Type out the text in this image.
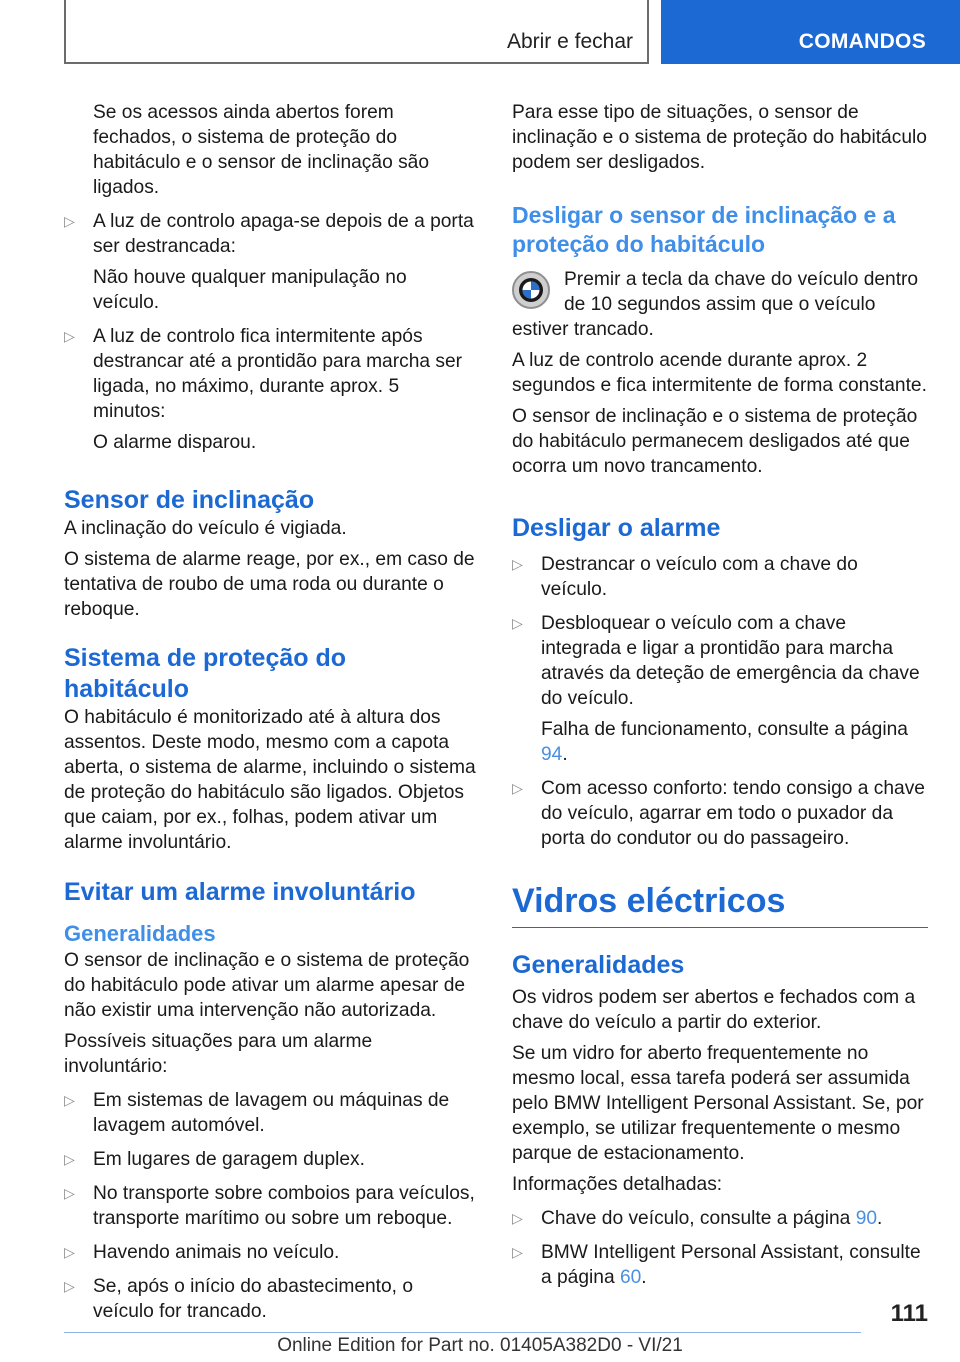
Abrir e fechar	COMANDOS

Se os acessos ainda abertos forem fechados, o sistema de proteção do habitáculo e o sensor de inclinação são ligados.

▷ A luz de controlo apaga-se depois de a porta ser destrancada:

Não houve qualquer manipulação no veículo.

▷ A luz de controlo fica intermitente após destrancar até a prontidão para marcha ser ligada, no máximo, durante aprox. 5 minutos:

O alarme disparou.

Sensor de inclinação

A inclinação do veículo é vigiada.

O sistema de alarme reage, por ex., em caso de tentativa de roubo de uma roda ou durante o reboque.

Sistema de proteção do habitáculo

O habitáculo é monitorizado até à altura dos assentos. Deste modo, mesmo com a capota aberta, o sistema de alarme, incluindo o sistema de proteção do habitáculo são ligados. Objetos que caiam, por ex., folhas, podem ativar um alarme involuntário.

Evitar um alarme involuntário
Generalidades

O sensor de inclinação e o sistema de proteção do habitáculo pode ativar um alarme apesar de não existir uma intervenção não autorizada.

Possíveis situações para um alarme involuntário:

▷ Em sistemas de lavagem ou máquinas de lavagem automóvel.
▷ Em lugares de garagem duplex.
▷ No transporte sobre comboios para veículos, transporte marítimo ou sobre um reboque.
▷ Havendo animais no veículo.
▷ Se, após o início do abastecimento, o veículo for trancado.

Para esse tipo de situações, o sensor de inclinação e o sistema de proteção do habitáculo podem ser desligados.

Desligar o sensor de inclinação e a proteção do habitáculo

Premir a tecla da chave do veículo dentro de 10 segundos assim que o veículo estiver trancado.

A luz de controlo acende durante aprox. 2 segundos e fica intermitente de forma constante.

O sensor de inclinação e o sistema de proteção do habitáculo permanecem desligados até que ocorra um novo trancamento.

Desligar o alarme
▷ Destrancar o veículo com a chave do veículo.
▷ Desbloquear o veículo com a chave integrada e ligar a prontidão para marcha através da deteção de emergência da chave do veículo.

Falha de funcionamento, consulte a página 94.

▷ Com acesso conforto: tendo consigo a chave do veículo, agarrar em todo o puxador da porta do condutor ou do passageiro.
Vidros eléctricos
Generalidades

Os vidros podem ser abertos e fechados com a chave do veículo a partir do exterior.

Se um vidro for aberto frequentemente no mesmo local, essa tarefa poderá ser assumida pelo BMW Intelligent Personal Assistant. Se, por exemplo, se utilizar frequentemente o mesmo parque de estacionamento.

Informações detalhadas:

▷ Chave do veículo, consulte a página 90.
▷ BMW Intelligent Personal Assistant, consulte a página 60.
111
Online Edition for Part no. 01405A382D0 - VI/21
